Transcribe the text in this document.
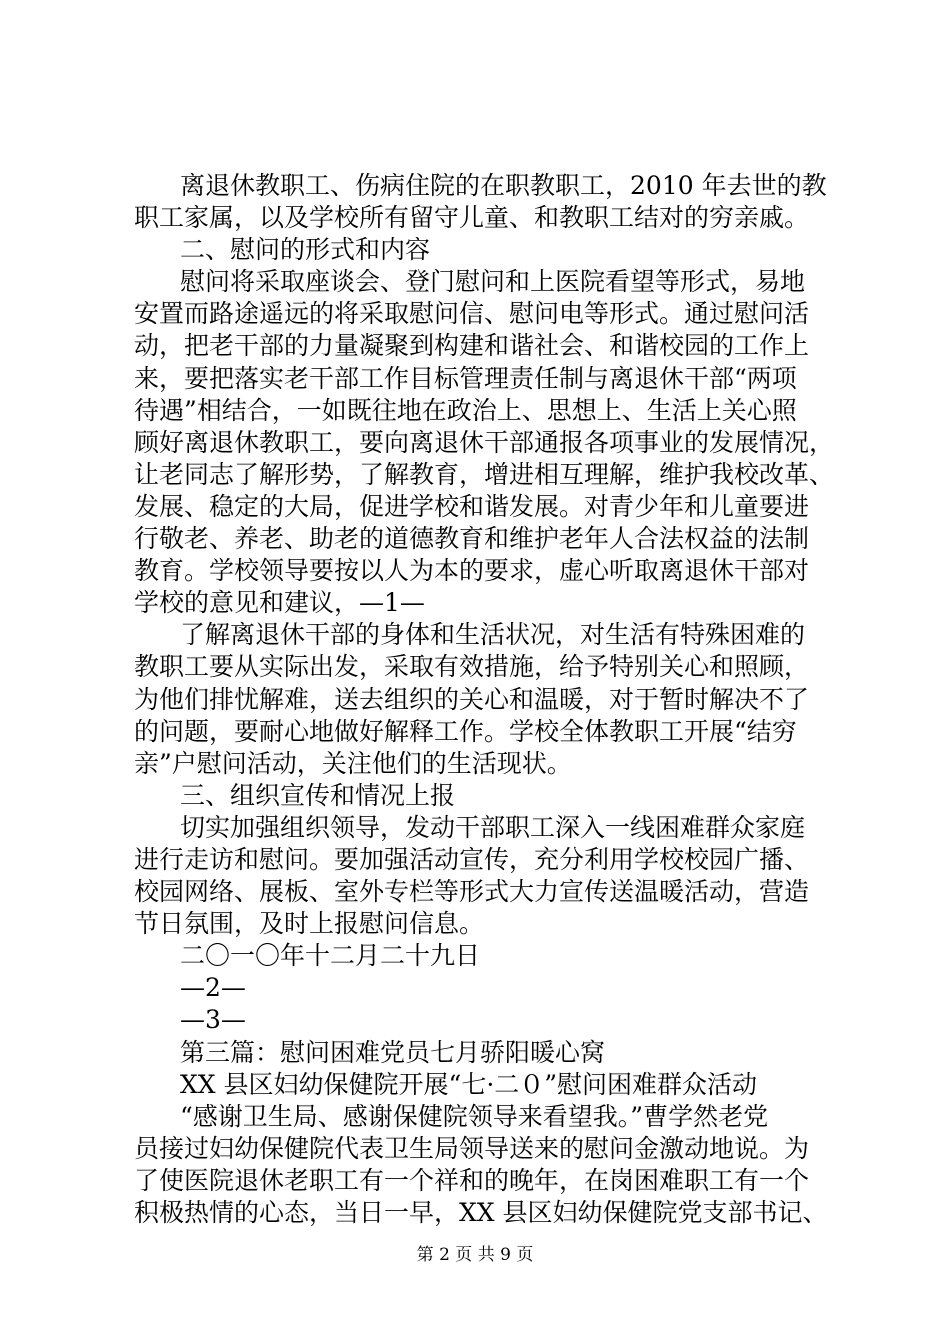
离退休教职工、伤病住院的在职教职工，2010 年去世的教
职工家属，以及学校所有留守儿童、和教职工结对的穷亲戚。
二、慰问的形式和内容
慰问将采取座谈会、登门慰问和上医院看望等形式，易地
安置而路途遥远的将采取慰问信、慰问电等形式。通过慰问活
动，把老干部的力量凝聚到构建和谐社会、和谐校园的工作上
来，要把落实老干部工作目标管理责任制与离退休干部“两项
待遇”相结合，一如既往地在政治上、思想上、生活上关心照
顾好离退休教职工，要向离退休干部通报各项事业的发展情况，
让老同志了解形势，了解教育，增进相互理解，维护我校改革、
发展、稳定的大局，促进学校和谐发展。对青少年和儿童要进
行敬老、养老、助老的道德教育和维护老年人合法权益的法制
教育。学校领导要按以人为本的要求，虚心听取离退休干部对
学校的意见和建议，—1—
了解离退休干部的身体和生活状况，对生活有特殊困难的
教职工要从实际出发，采取有效措施，给予特别关心和照顾，
为他们排忧解难，送去组织的关心和温暖，对于暂时解决不了
的问题，要耐心地做好解释工作。学校全体教职工开展“结穷
亲”户慰问活动，关注他们的生活现状。
三、组织宣传和情况上报
切实加强组织领导，发动干部职工深入一线困难群众家庭
进行走访和慰问。要加强活动宣传，充分利用学校校园广播、
校园网络、展板、室外专栏等形式大力宣传送温暖活动，营造
节日氛围，及时上报慰问信息。
二〇一〇年十二月二十九日
—2—
—3—
第三篇：慰问困难党员七月骄阳暖心窝
XX 县区妇幼保健院开展“七·二０”慰问困难群众活动
“感谢卫生局、感谢保健院领导来看望我。”曹学然老党
员接过妇幼保健院代表卫生局领导送来的慰问金激动地说。为
了使医院退休老职工有一个祥和的晚年，在岗困难职工有一个
积极热情的心态，当日一早，XX 县区妇幼保健院党支部书记、
第 2 页 共 9 页
